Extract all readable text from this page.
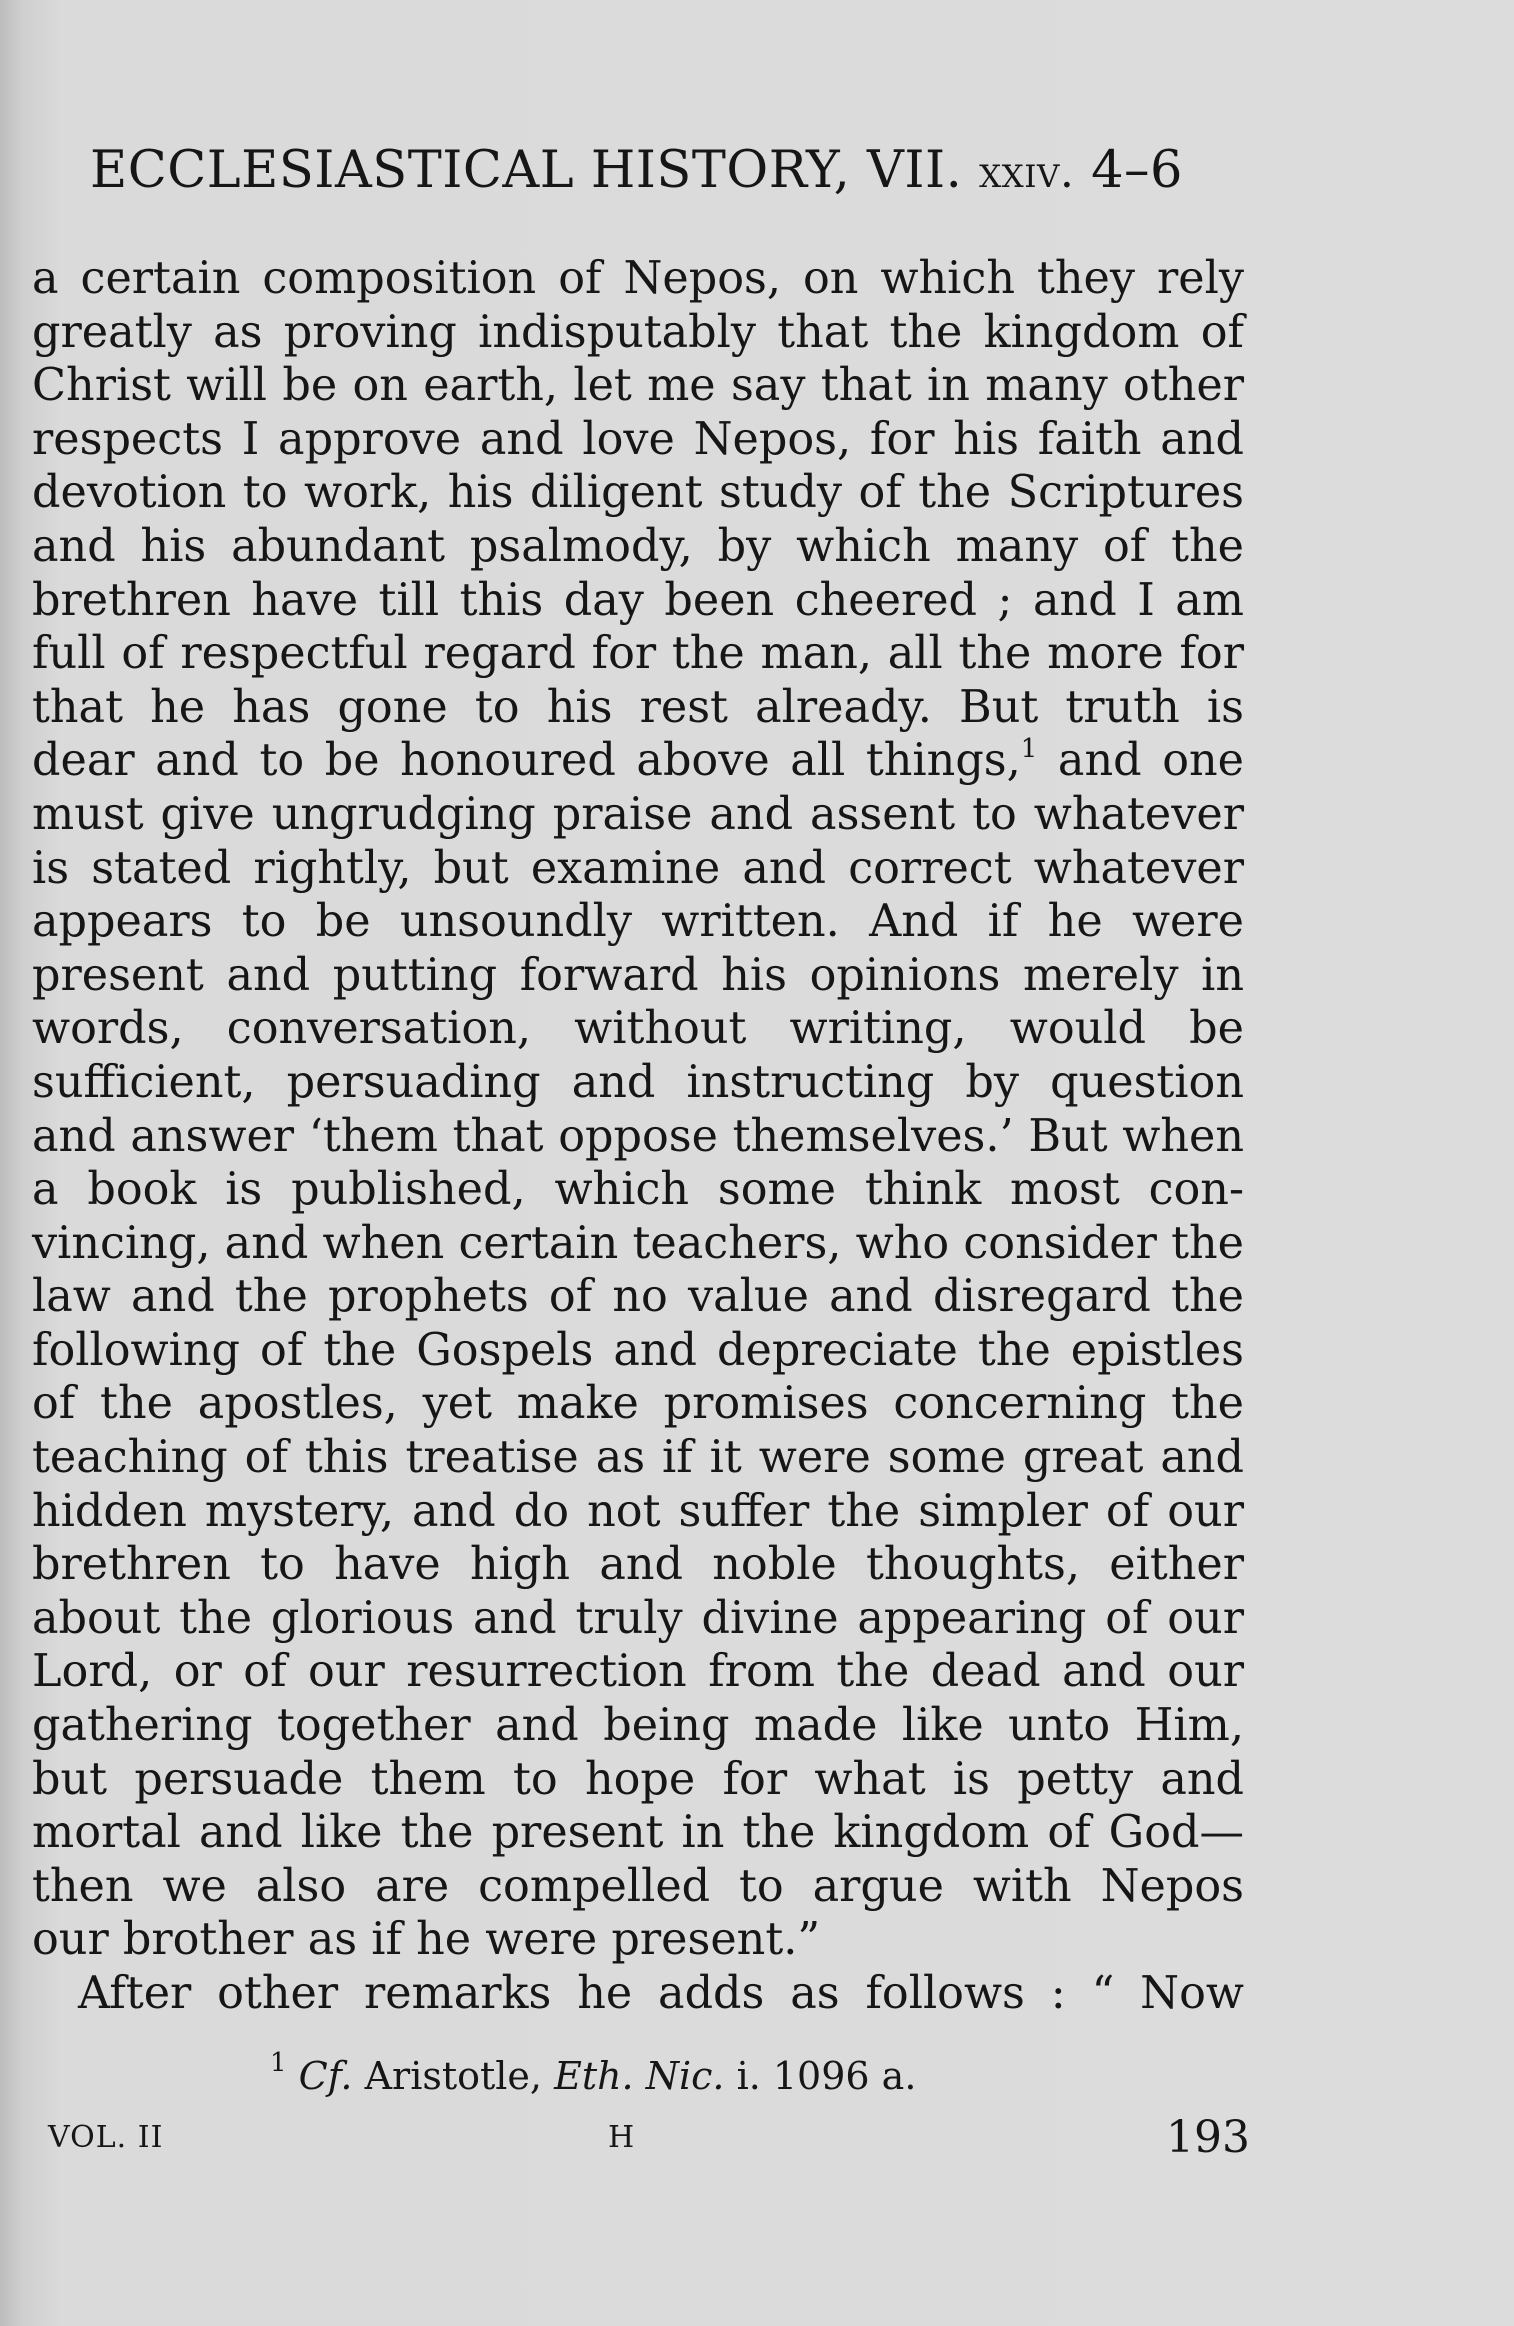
ECCLESIASTICAL HISTORY, VII. xxiv. 4–6
a certain composition of Nepos, on which they rely
greatly as proving indisputably that the kingdom of
Christ will be on earth, let me say that in many other
respects I approve and love Nepos, for his faith and
devotion to work, his diligent study of the Scriptures
and his abundant psalmody, by which many of the
brethren have till this day been cheered ; and I am
full of respectful regard for the man, all the more for
that he has gone to his rest already. But truth is
dear and to be honoured above all things,$^1$ and one
must give ungrudging praise and assent to whatever
is stated rightly, but examine and correct whatever
appears to be unsoundly written. And if he were
present and putting forward his opinions merely in
words, conversation, without writing, would be
sufficient, persuading and instructing by question
and answer ‘them that oppose themselves.’ But when
a book is published, which some think most con-
vincing, and when certain teachers, who consider the
law and the prophets of no value and disregard the
following of the Gospels and depreciate the epistles
of the apostles, yet make promises concerning the
teaching of this treatise as if it were some great and
hidden mystery, and do not suffer the simpler of our
brethren to have high and noble thoughts, either
about the glorious and truly divine appearing of our
Lord, or of our resurrection from the dead and our
gathering together and being made like unto Him,
but persuade them to hope for what is petty and
mortal and like the present in the kingdom of God—
then we also are compelled to argue with Nepos
our brother as if he were present.”
After other remarks he adds as follows : “ Now
$^1$ Cf. Aristotle, Eth. Nic. i. 1096 a.
VOL. II	H	193
